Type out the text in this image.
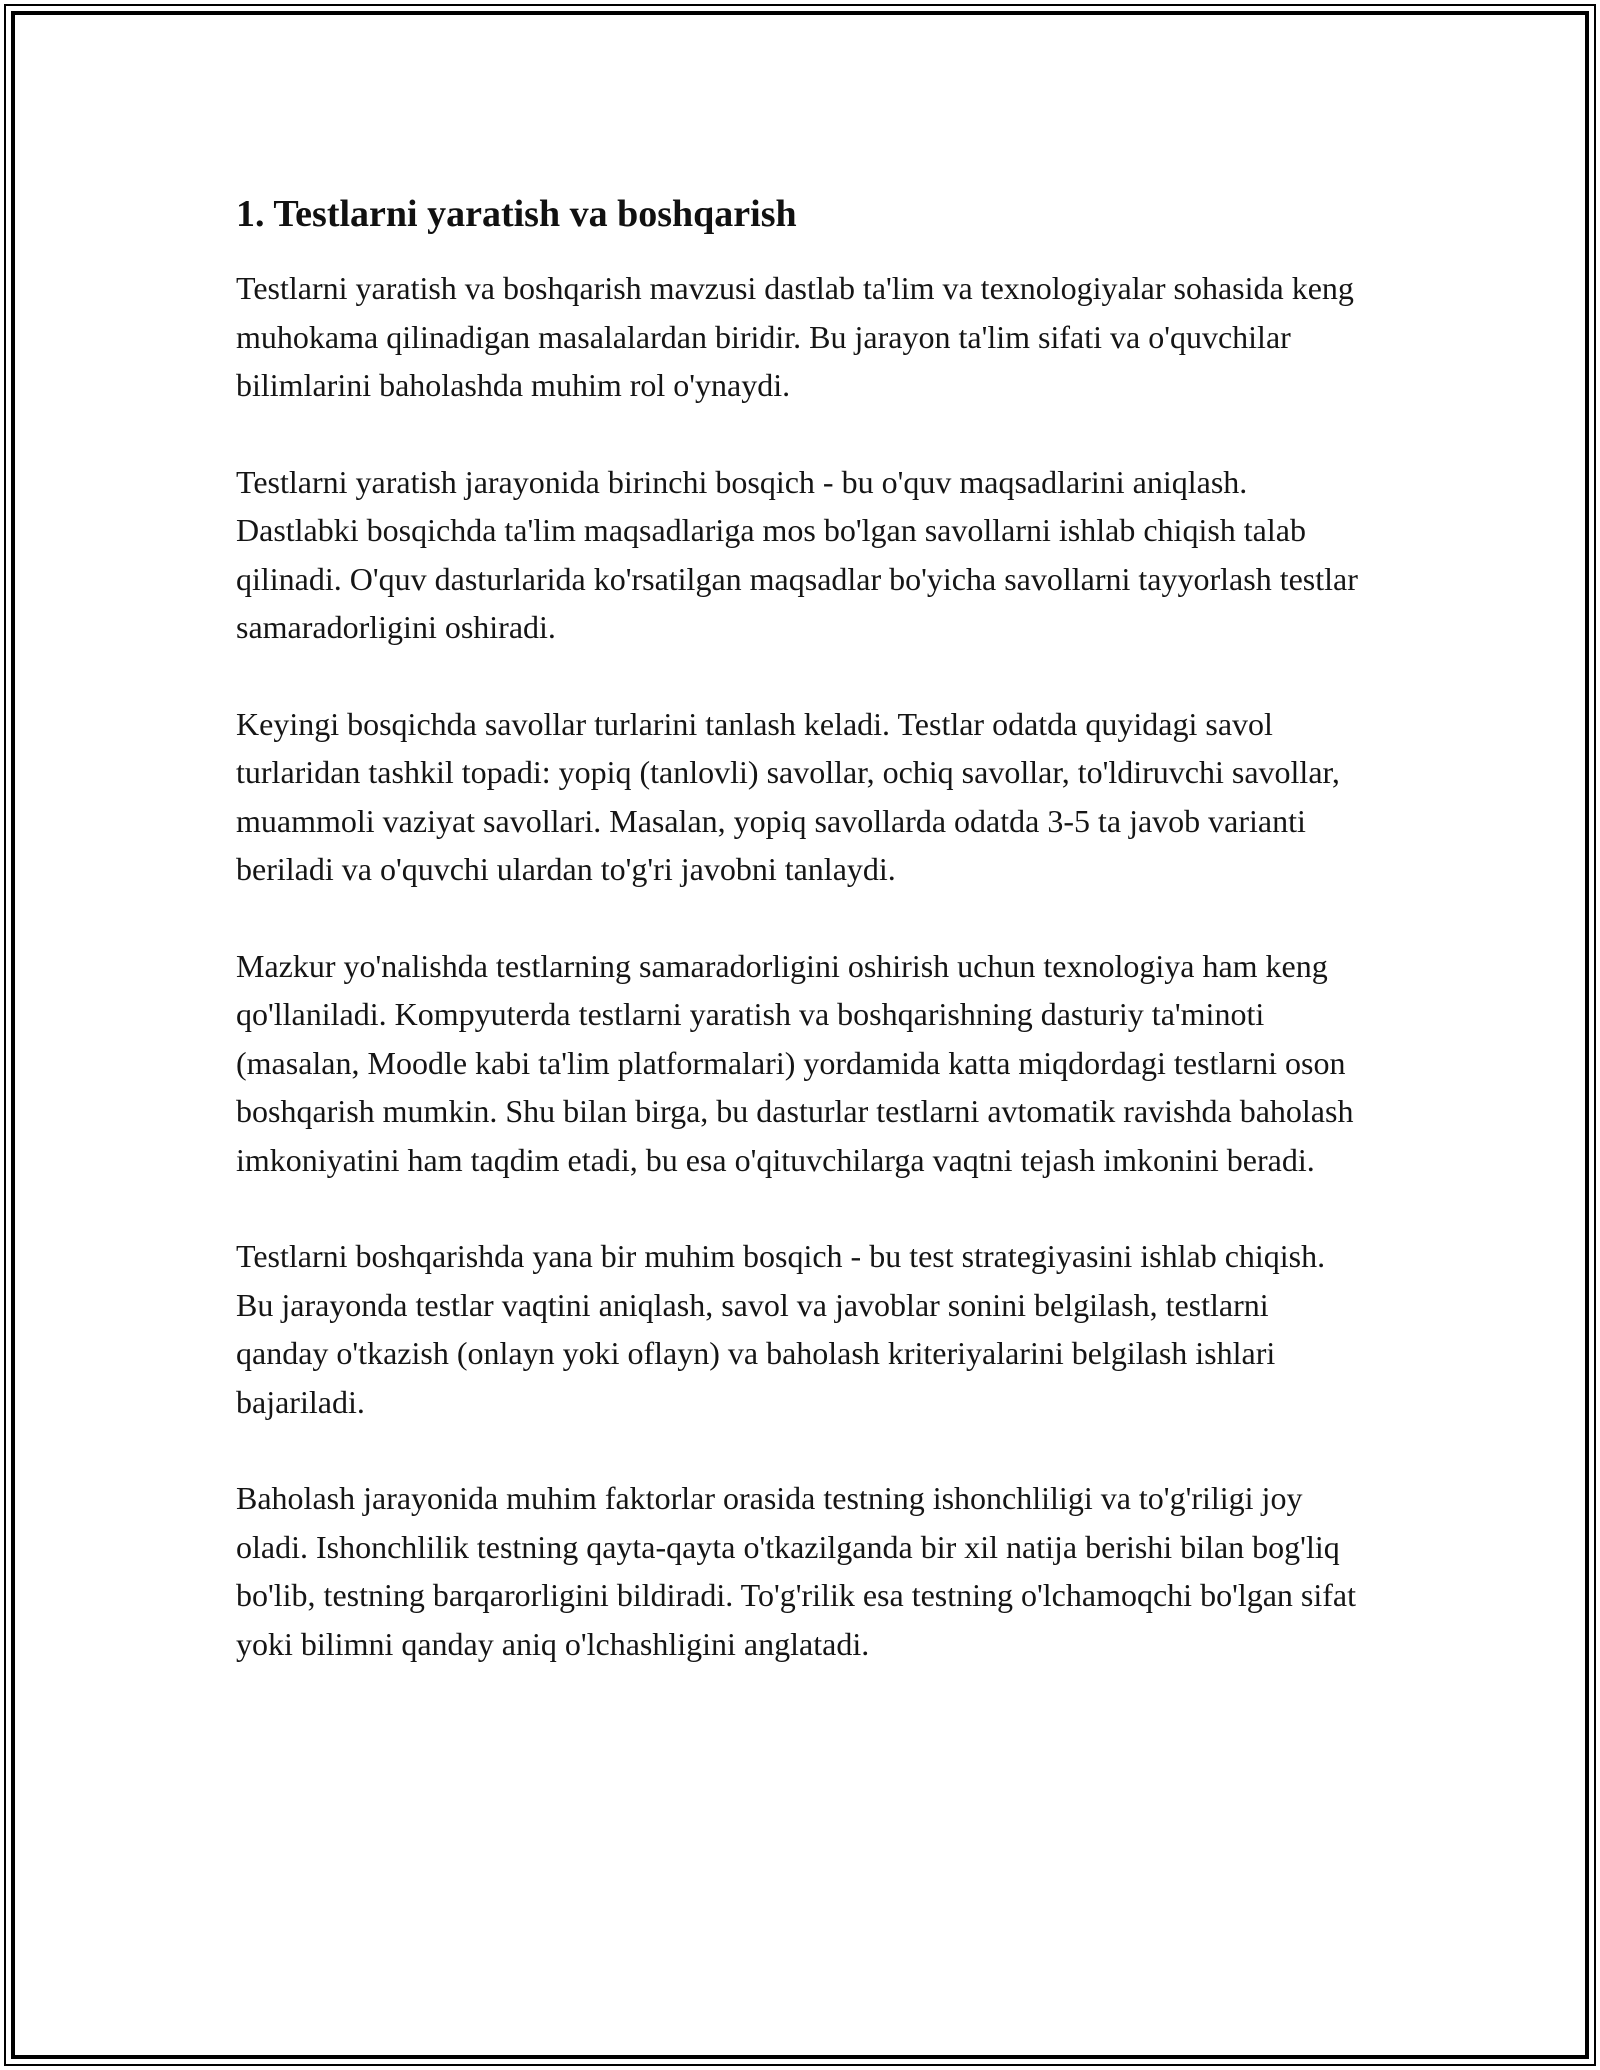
1. Testlarni yaratish va boshqarish

Testlarni yaratish va boshqarish mavzusi dastlab ta'lim va texnologiyalar sohasida keng muhokama qilinadigan masalalardan biridir. Bu jarayon ta'lim sifati va o'quvchilar bilimlarini baholashda muhim rol o'ynaydi.

Testlarni yaratish jarayonida birinchi bosqich - bu o'quv maqsadlarini aniqlash. Dastlabki bosqichda ta'lim maqsadlariga mos bo'lgan savollarni ishlab chiqish talab qilinadi. O'quv dasturlarida ko'rsatilgan maqsadlar bo'yicha savollarni tayyorlash testlar samaradorligini oshiradi.

Keyingi bosqichda savollar turlarini tanlash keladi. Testlar odatda quyidagi savol turlaridan tashkil topadi: yopiq (tanlovli) savollar, ochiq savollar, to'ldiruvchi savollar, muammoli vaziyat savollari. Masalan, yopiq savollarda odatda 3-5 ta javob varianti beriladi va o'quvchi ulardan to'g'ri javobni tanlaydi.

Mazkur yo'nalishda testlarning samaradorligini oshirish uchun texnologiya ham keng qo'llaniladi. Kompyuterda testlarni yaratish va boshqarishning dasturiy ta'minoti (masalan, Moodle kabi ta'lim platformalari) yordamida katta miqdordagi testlarni oson boshqarish mumkin. Shu bilan birga, bu dasturlar testlarni avtomatik ravishda baholash imkoniyatini ham taqdim etadi, bu esa o'qituvchilarga vaqtni tejash imkonini beradi.

Testlarni boshqarishda yana bir muhim bosqich - bu test strategiyasini ishlab chiqish. Bu jarayonda testlar vaqtini aniqlash, savol va javoblar sonini belgilash, testlarni qanday o'tkazish (onlayn yoki oflayn) va baholash kriteriyalarini belgilash ishlari bajariladi.

Baholash jarayonida muhim faktorlar orasida testning ishonchliligi va to'g'riligi joy oladi. Ishonchlilik testning qayta-qayta o'tkazilganda bir xil natija berishi bilan bog'liq bo'lib, testning barqarorligini bildiradi. To'g'rilik esa testning o'lchamoqchi bo'lgan sifat yoki bilimni qanday aniq o'lchashligini anglatadi.
